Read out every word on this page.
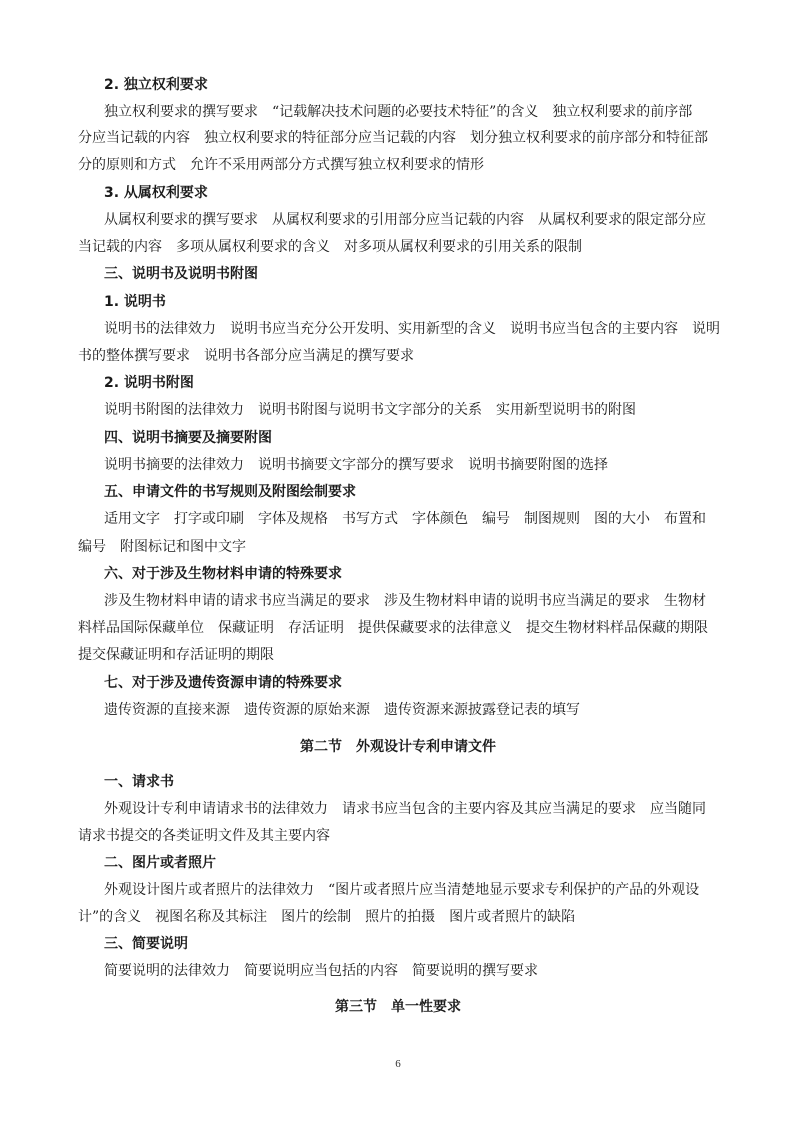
2. 独立权利要求
独立权利要求的撰写要求　“记载解决技术问题的必要技术特征”的含义　独立权利要求的前序部
分应当记载的内容　独立权利要求的特征部分应当记载的内容　划分独立权利要求的前序部分和特征部
分的原则和方式　允许不采用两部分方式撰写独立权利要求的情形
3. 从属权利要求
从属权利要求的撰写要求　从属权利要求的引用部分应当记载的内容　从属权利要求的限定部分应
当记载的内容　多项从属权利要求的含义　对多项从属权利要求的引用关系的限制
三、说明书及说明书附图
1. 说明书
说明书的法律效力　说明书应当充分公开发明、实用新型的含义　说明书应当包含的主要内容　说明
书的整体撰写要求　说明书各部分应当满足的撰写要求
2. 说明书附图
说明书附图的法律效力　说明书附图与说明书文字部分的关系　实用新型说明书的附图
四、说明书摘要及摘要附图
说明书摘要的法律效力　说明书摘要文字部分的撰写要求　说明书摘要附图的选择
五、申请文件的书写规则及附图绘制要求
适用文字　打字或印刷　字体及规格　书写方式　字体颜色　编号　制图规则　图的大小　布置和
编号　附图标记和图中文字
六、对于涉及生物材料申请的特殊要求
涉及生物材料申请的请求书应当满足的要求　涉及生物材料申请的说明书应当满足的要求　生物材
料样品国际保藏单位　保藏证明　存活证明　提供保藏要求的法律意义　提交生物材料样品保藏的期限
提交保藏证明和存活证明的期限
七、对于涉及遗传资源申请的特殊要求
遗传资源的直接来源　遗传资源的原始来源　遗传资源来源披露登记表的填写
第二节　外观设计专利申请文件
一、请求书
外观设计专利申请请求书的法律效力　请求书应当包含的主要内容及其应当满足的要求　应当随同
请求书提交的各类证明文件及其主要内容
二、图片或者照片
外观设计图片或者照片的法律效力　“图片或者照片应当清楚地显示要求专利保护的产品的外观设
计”的含义　视图名称及其标注　图片的绘制　照片的拍摄　图片或者照片的缺陷
三、简要说明
简要说明的法律效力　简要说明应当包括的内容　简要说明的撰写要求
第三节　单一性要求
6
